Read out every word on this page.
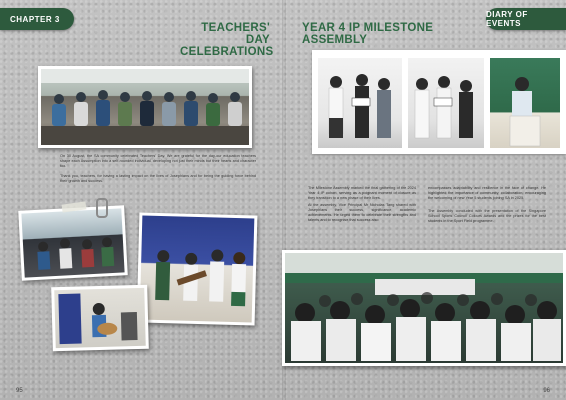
CHAPTER 3
TEACHERS' DAY
CELEBRATIONS
On 30 August, the SA community celebrated Teachers' Day. We are grateful for the day-our education teachers shape each Assumption into a self-rounded individual, developing not just their minds but their hearts and character too.
Thank you, teachers, for having a lasting impact on the lives of Josephians and for being the guiding force behind their growth and success.
95
DIARY OF EVENTS
YEAR 4 IP MILESTONE
ASSEMBLY
The Milestone Assembly marked the final gathering of the 2024 Year 4 IP cohort, serving as a poignant moment of closure as they transition to a new phase of their lives.
At the assembly, Vice Principal Mr Nicholas Tang shared with Josephians their success, significance, academic achievements. He urged them to celebrate their strengths and talents and to recognise that success also
encompasses adaptability and resilience in the face of change. He highlighted the importance of community, collaboration, encouraging the welcoming of new Year 5 students joining SA in 2025.
The Assembly concluded with the presentation of the Singapore School Sports Council Colours Awards and the prizes for the best students in the Sport Field programme.
96
